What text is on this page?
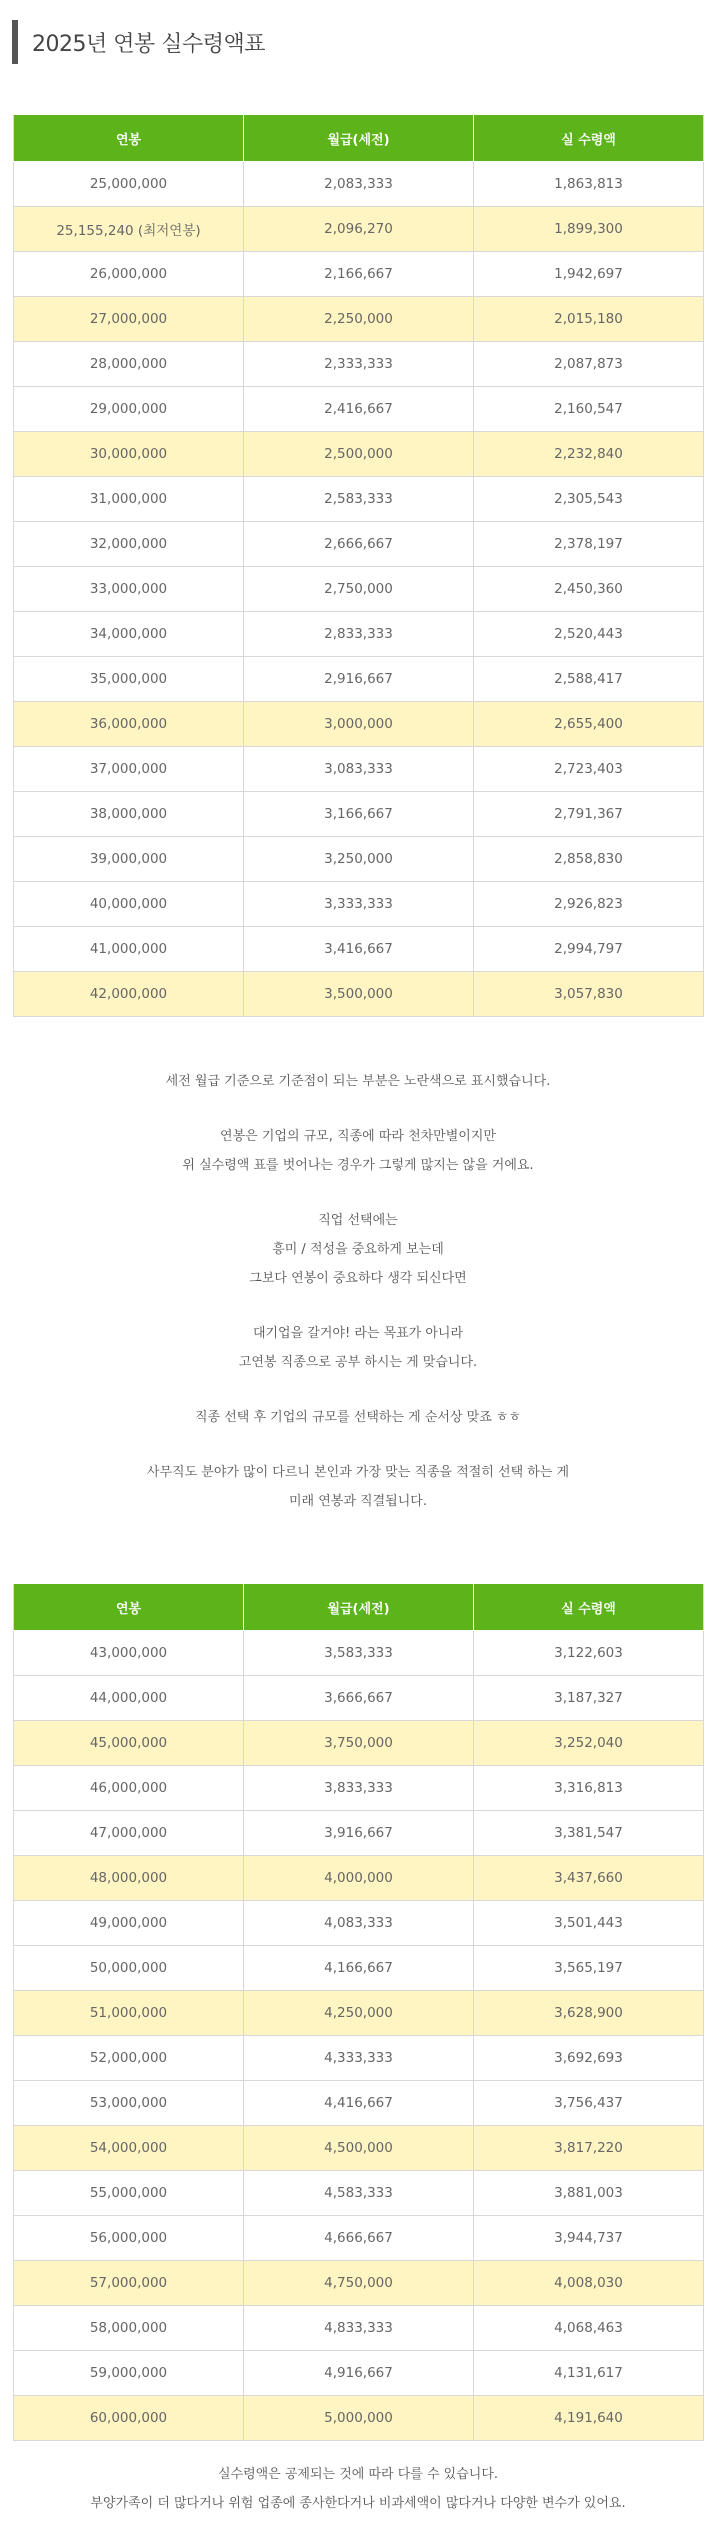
2025년 연봉 실수령액표
연봉	월급(세전)	실 수령액
25,000,000	2,083,333	1,863,813
25,155,240 (최저연봉)	2,096,270	1,899,300
26,000,000	2,166,667	1,942,697
27,000,000	2,250,000	2,015,180
28,000,000	2,333,333	2,087,873
29,000,000	2,416,667	2,160,547
30,000,000	2,500,000	2,232,840
31,000,000	2,583,333	2,305,543
32,000,000	2,666,667	2,378,197
33,000,000	2,750,000	2,450,360
34,000,000	2,833,333	2,520,443
35,000,000	2,916,667	2,588,417
36,000,000	3,000,000	2,655,400
37,000,000	3,083,333	2,723,403
38,000,000	3,166,667	2,791,367
39,000,000	3,250,000	2,858,830
40,000,000	3,333,333	2,926,823
41,000,000	3,416,667	2,994,797
42,000,000	3,500,000	3,057,830

세전 월급 기준으로 기준점이 되는 부분은 노란색으로 표시했습니다.

연봉은 기업의 규모, 직종에 따라 천차만별이지만
위 실수령액 표를 벗어나는 경우가 그렇게 많지는 않을 거에요.

직업 선택에는
흥미 / 적성을 중요하게 보는데
그보다 연봉이 중요하다 생각 되신다면

대기업을 갈거야! 라는 목표가 아니라
고연봉 직종으로 공부 하시는 게 맞습니다.

직종 선택 후 기업의 규모를 선택하는 게 순서상 맞죠 ㅎㅎ

사무직도 분야가 많이 다르니 본인과 가장 맞는 직종을 적절히 선택 하는 게
미래 연봉과 직결됩니다.

연봉	월급(세전)	실 수령액
43,000,000	3,583,333	3,122,603
44,000,000	3,666,667	3,187,327
45,000,000	3,750,000	3,252,040
46,000,000	3,833,333	3,316,813
47,000,000	3,916,667	3,381,547
48,000,000	4,000,000	3,437,660
49,000,000	4,083,333	3,501,443
50,000,000	4,166,667	3,565,197
51,000,000	4,250,000	3,628,900
52,000,000	4,333,333	3,692,693
53,000,000	4,416,667	3,756,437
54,000,000	4,500,000	3,817,220
55,000,000	4,583,333	3,881,003
56,000,000	4,666,667	3,944,737
57,000,000	4,750,000	4,008,030
58,000,000	4,833,333	4,068,463
59,000,000	4,916,667	4,131,617
60,000,000	5,000,000	4,191,640

실수령액은 공제되는 것에 따라 다를 수 있습니다.
부양가족이 더 많다거나 위험 업종에 종사한다거나 비과세액이 많다거나 다양한 변수가 있어요.
